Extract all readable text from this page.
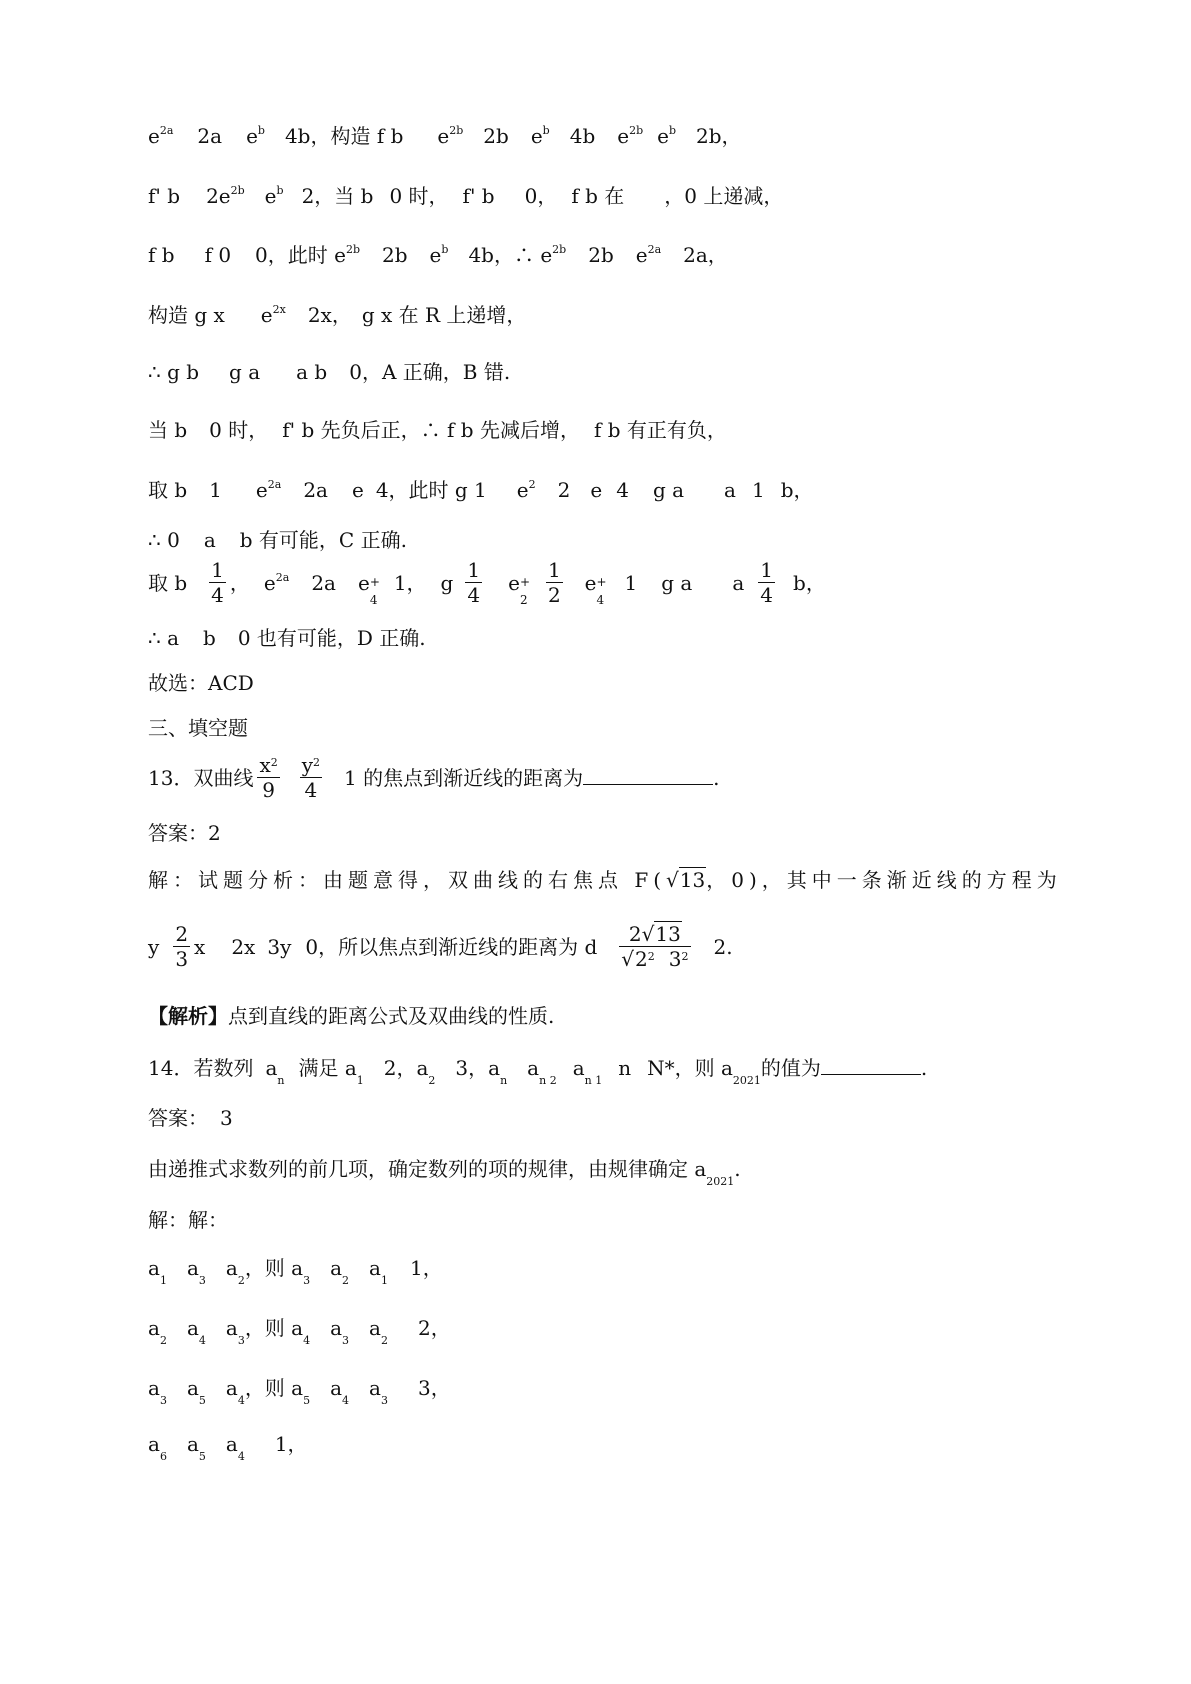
$e^{2a}$ 2a $e^b$ 4b，构造 f b $e^{2b}$ 2b $e^b$ 4b $e^{2b}$ $e^b$ 2b，
f' b $2e^{2b}$ $e^b$ 2，当 b 0 时， f' b 0， f b 在 ，0 上递减，
f b f 0 0，此时 $e^{2b}$ 2b $e^b$ 4b，∴ $e^{2b}$ 2b $e^{2a}$ 2a，
构造 g x $e^{2x}$ 2x， g x 在 R 上递增，
∴ g b g a a b 0，A 正确，B 错.
当 b 0 时， f' b 先负后正，∴ f b 先减后增， f b 有正有负，
取 b 1 $e^{2a}$ 2a e 4，此时 g 1 $e^2$ 2 e 4 g a a 1 b，
∴ 0 a b 有可能，C 正确.
取 b $\frac{1}{4}$ ， $e^{2a}$ 2a e +
4
1， g $\frac{1}{4}$ e +
$2 \frac{1}{2}$ e +
4
1 g a a $\frac{1}{4}$ b，
∴ a b 0 也有可能，D 正确.
故选：ACD
三、填空题
13．双曲线 $\frac{x^2}{9} \frac{y^2}{4} 1$ 的焦点到渐近线的距离为	.
答案：2
解：试题分析：由题意得，双曲线的右焦点 F(√13，0)，其中一条渐近线的方程为
y $\frac{2}{3}$ x 2x 3y 0，所以焦点到渐近线的距离为 d $\frac{2√13}{√2^2 3^2} 2$.
【解析】点到直线的距离公式及双曲线的性质.
14．若数列 $a_n$满足 $a_12$，$a_23$，$a_na_{n 2}a_{n 1}n$ N*，则 $a_{2021}$的值为	.
答案： 3
由递推式求数列的前几项，确定数列的项的规律，由规律确定 $a_{2021}$.
解：解：
$a_1a_3a_2$，则 $a_3a_2a_11$，
$a_2a_4a_3$，则 $a_4a_3a_22$，
$a_3a_5a_4$，则 $a_5a_4a_33$，
$a_6a_5a_41$，
